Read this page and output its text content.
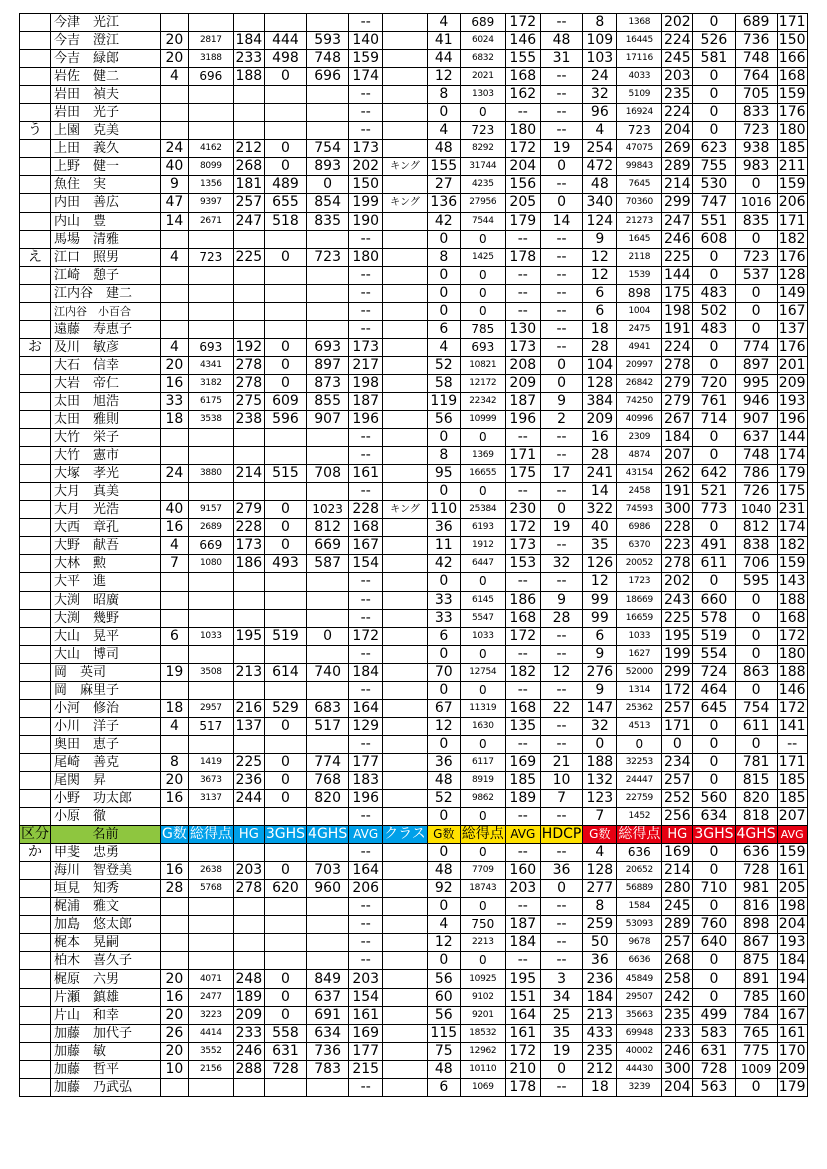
	今津　光江						--		4	689	172	--	8	1368	202	0	689	171
	今吉　澄江	20	2817	184	444	593	140		41	6024	146	48	109	16445	224	526	736	150
	今吉　緑郎	20	3188	233	498	748	159		44	6832	155	31	103	17116	245	581	748	166
	岩佐　健二	4	696	188	0	696	174		12	2021	168	--	24	4033	203	0	764	168
	岩田　禎夫						--		8	1303	162	--	32	5109	235	0	705	159
	岩田　光子						--		0	0	--	--	96	16924	224	0	833	176
う	上園　克美						--		4	723	180	--	4	723	204	0	723	180
	上田　義久	24	4162	212	0	754	173		48	8292	172	19	254	47075	269	623	938	185
	上野　健一	40	8099	268	0	893	202	キング	155	31744	204	0	472	99843	289	755	983	211
	魚住　実	9	1356	181	489	0	150		27	4235	156	--	48	7645	214	530	0	159
	内田　善広	47	9397	257	655	854	199	キング	136	27956	205	0	340	70360	299	747	1016	206
	内山　豊	14	2671	247	518	835	190		42	7544	179	14	124	21273	247	551	835	171
	馬場　清雅						--		0	0	--	--	9	1645	246	608	0	182
え	江口　照男	4	723	225	0	723	180		8	1425	178	--	12	2118	225	0	723	176
	江崎　憩子						--		0	0	--	--	12	1539	144	0	537	128
	江内谷　建二						--		0	0	--	--	6	898	175	483	0	149
	江内谷　小百合						--		0	0	--	--	6	1004	198	502	0	167
	遠藤　寿恵子						--		6	785	130	--	18	2475	191	483	0	137
お	及川　敏彦	4	693	192	0	693	173		4	693	173	--	28	4941	224	0	774	176
	大石　信幸	20	4341	278	0	897	217		52	10821	208	0	104	20997	278	0	897	201
	大岩　帝仁	16	3182	278	0	873	198		58	12172	209	0	128	26842	279	720	995	209
	太田　旭浩	33	6175	275	609	855	187		119	22342	187	9	384	74250	279	761	946	193
	太田　雅則	18	3538	238	596	907	196		56	10999	196	2	209	40996	267	714	907	196
	大竹　栄子						--		0	0	--	--	16	2309	184	0	637	144
	大竹　憲市						--		8	1369	171	--	28	4874	207	0	748	174
	大塚　孝光	24	3880	214	515	708	161		95	16655	175	17	241	43154	262	642	786	179
	大月　真美						--		0	0	--	--	14	2458	191	521	726	175
	大月　光浩	40	9157	279	0	1023	228	キング	110	25384	230	0	322	74593	300	773	1040	231
	大西　章孔	16	2689	228	0	812	168		36	6193	172	19	40	6986	228	0	812	174
	大野　献吾	4	669	173	0	669	167		11	1912	173	--	35	6370	223	491	838	182
	大林　勲	7	1080	186	493	587	154		42	6447	153	32	126	20052	278	611	706	159
	大平　進						--		0	0	--	--	12	1723	202	0	595	143
	大渕　昭廣						--		33	6145	186	9	99	18669	243	660	0	188
	大渕　幾野						--		33	5547	168	28	99	16659	225	578	0	168
	大山　晃平	6	1033	195	519	0	172		6	1033	172	--	6	1033	195	519	0	172
	大山　博司						--		0	0	--	--	9	1627	199	554	0	180
	岡　英司	19	3508	213	614	740	184		70	12754	182	12	276	52000	299	724	863	188
	岡　麻里子						--		0	0	--	--	9	1314	172	464	0	146
	小河　修治	18	2957	216	529	683	164		67	11319	168	22	147	25362	257	645	754	172
	小川　洋子	4	517	137	0	517	129		12	1630	135	--	32	4513	171	0	611	141
	奥田　恵子						--		0	0	--	--	0	0	0	0	0	--
	尾崎　善克	8	1419	225	0	774	177		36	6117	169	21	188	32253	234	0	781	171
	尾関　昇	20	3673	236	0	768	183		48	8919	185	10	132	24447	257	0	815	185
	小野　功太郎	16	3137	244	0	820	196		52	9862	189	7	123	22759	252	560	820	185
	小原　徹						--		0	0	--	--	7	1452	256	634	818	207
区分	名前	G数	総得点	HG	3GHS	4GHS	AVG	クラス	G数	総得点	AVG	HDCP	G数	総得点	HG	3GHS	4GHS	AVG
か	甲斐　忠勇						--		0	0	--	--	4	636	169	0	636	159
	海川　智登美	16	2638	203	0	703	164		48	7709	160	36	128	20652	214	0	728	161
	垣見　知秀	28	5768	278	620	960	206		92	18743	203	0	277	56889	280	710	981	205
	梶浦　雅文						--		0	0	--	--	8	1584	245	0	816	198
	加島　悠太郎						--		4	750	187	--	259	53093	289	760	898	204
	梶本　晃嗣						--		12	2213	184	--	50	9678	257	640	867	193
	柏木　喜久子						--		0	0	--	--	36	6636	268	0	875	184
	梶原　六男	20	4071	248	0	849	203		56	10925	195	3	236	45849	258	0	891	194
	片瀬　鎮雄	16	2477	189	0	637	154		60	9102	151	34	184	29507	242	0	785	160
	片山　和幸	20	3223	209	0	691	161		56	9201	164	25	213	35663	235	499	784	167
	加藤　加代子	26	4414	233	558	634	169		115	18532	161	35	433	69948	233	583	765	161
	加藤　敏	20	3552	246	631	736	177		75	12962	172	19	235	40002	246	631	775	170
	加藤　哲平	10	2156	288	728	783	215		48	10110	210	0	212	44430	300	728	1009	209
	加藤　乃武弘						--		6	1069	178	--	18	3239	204	563	0	179
